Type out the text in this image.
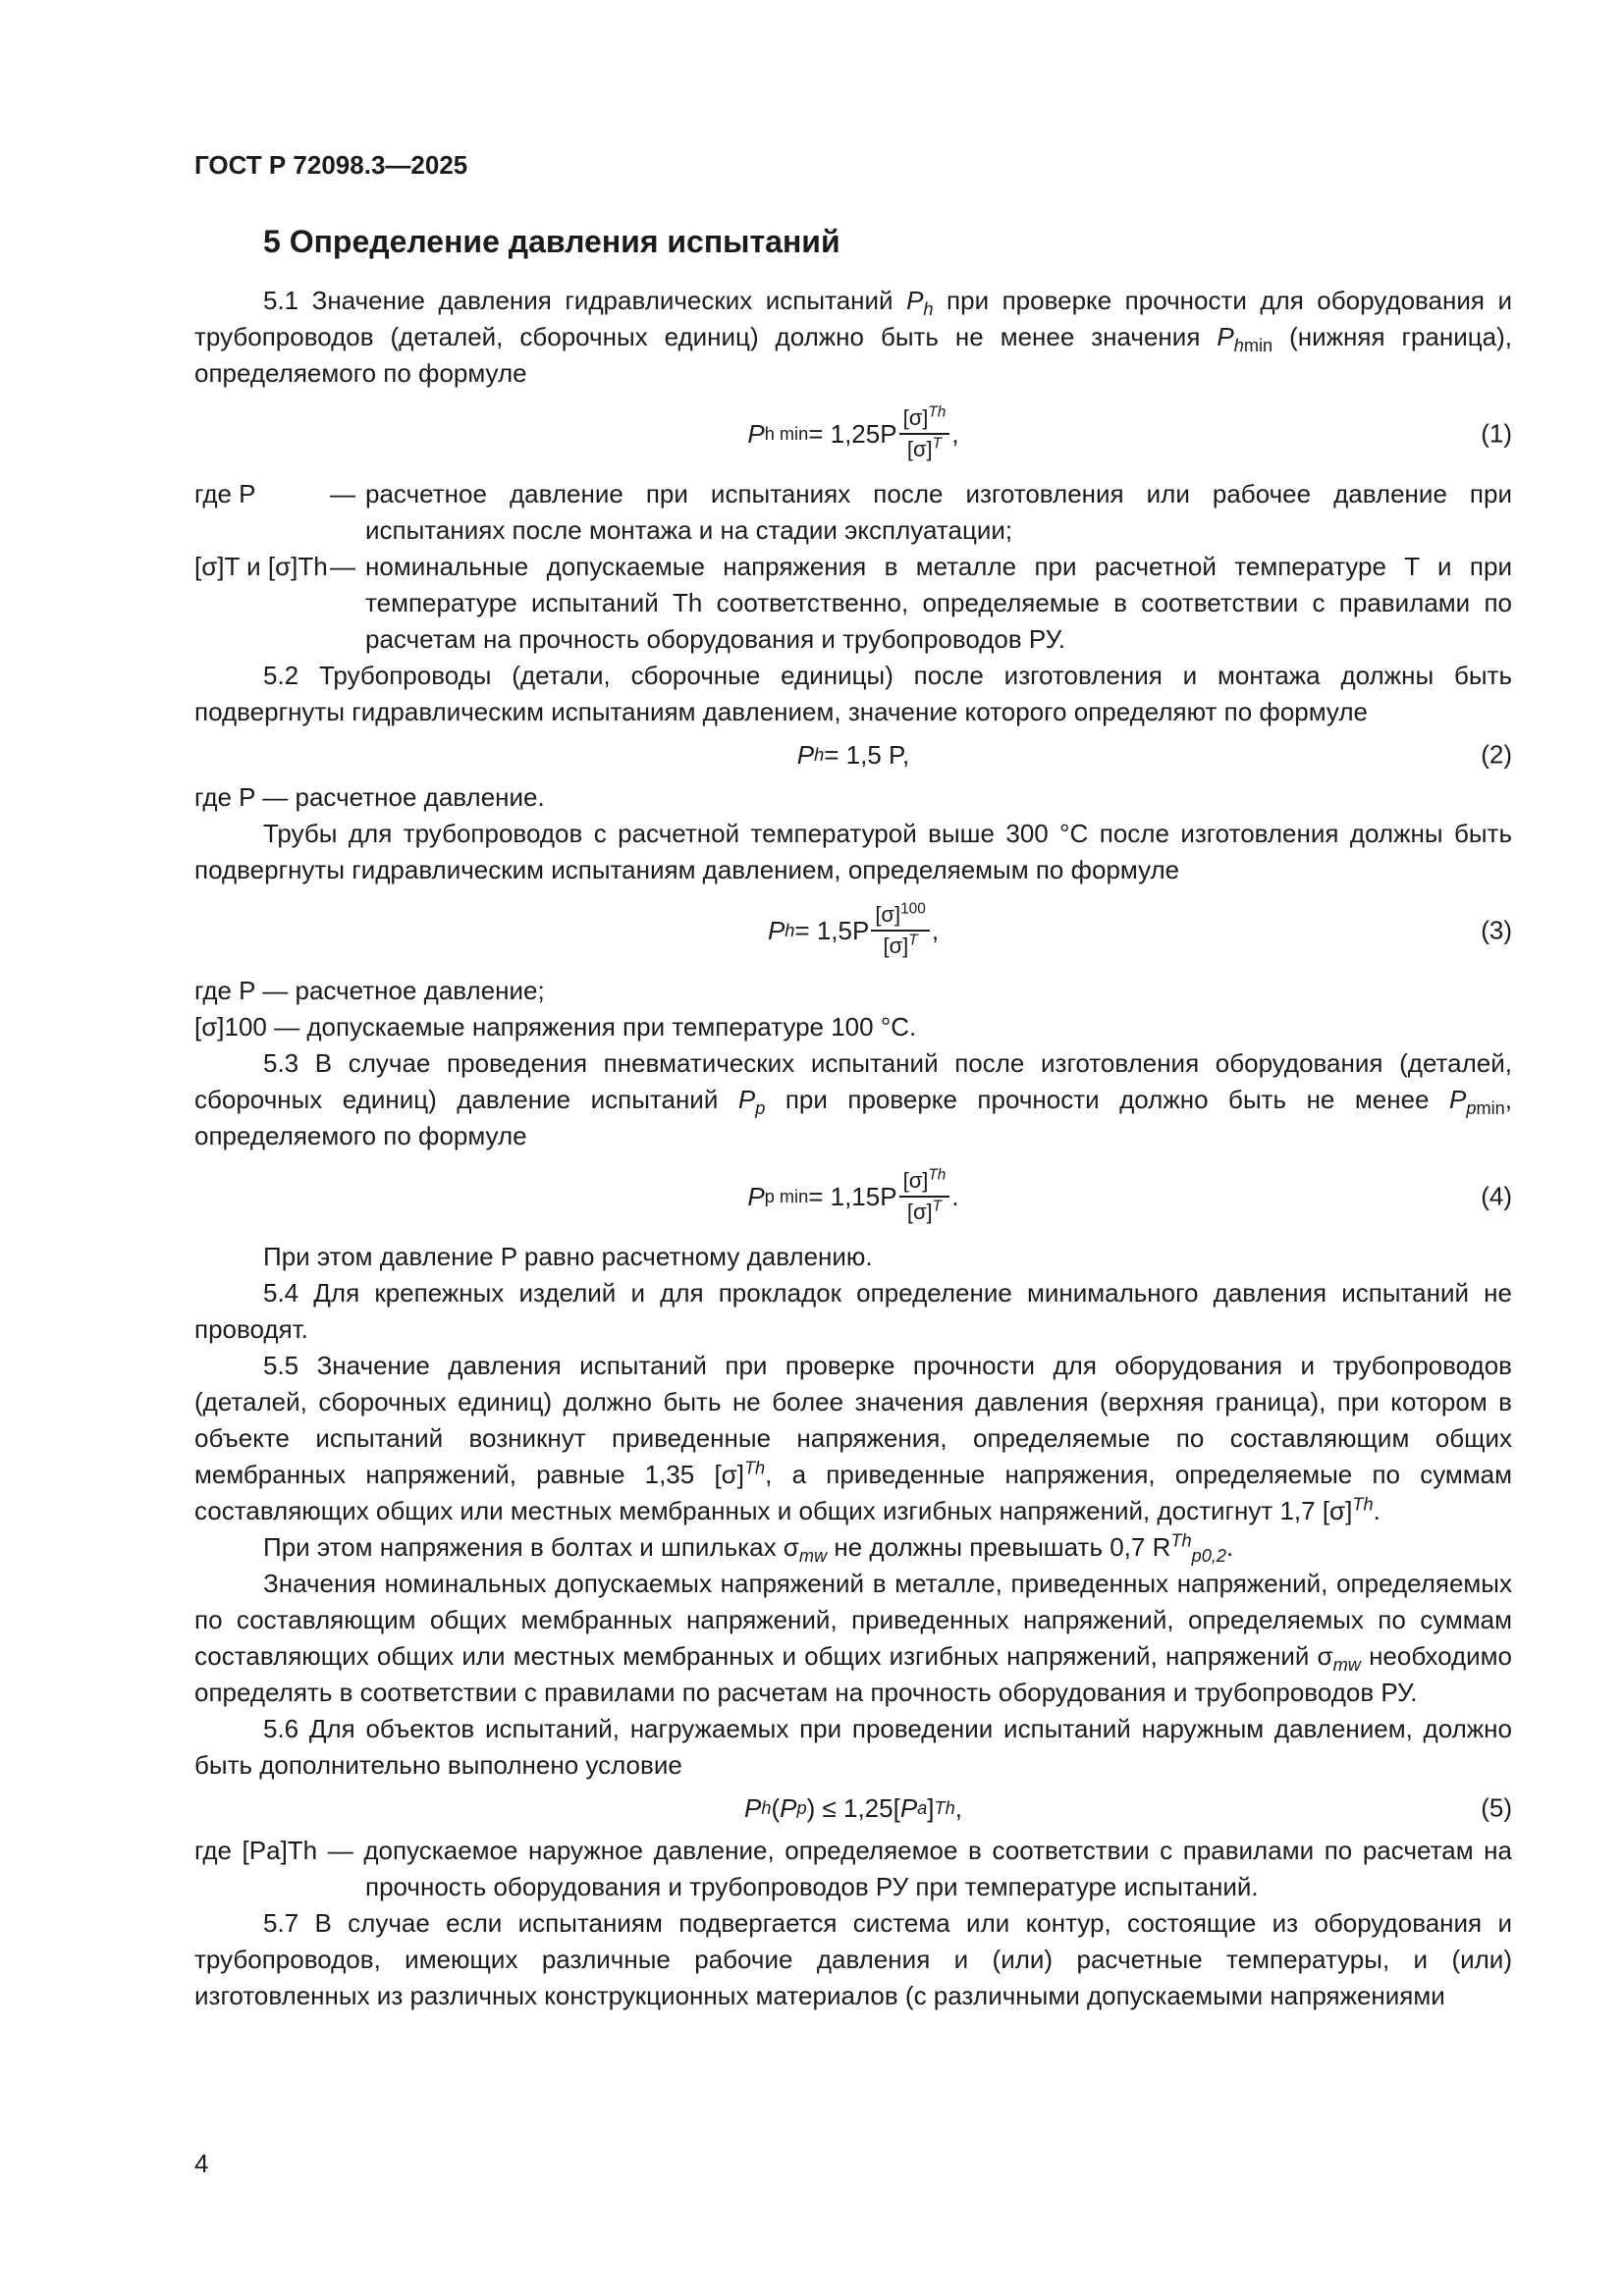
ГОСТ Р 72098.3—2025
5 Определение давления испытаний

5.1 Значение давления гидравлических испытаний $P_h$ при проверке прочности для оборудования и трубопроводов (деталей, сборочных единиц) должно быть не менее значения $P_{hmin}$ (нижняя граница), определяемого по формуле

P h $\min = 1,25P \frac{[\sigma]^{Th}}{[\sigma]^T}$ ,	(1)
где P	— расчетное давление при испытаниях после изготовления или рабочее давление при испытаниях после монтажа и на стадии эксплуатации;
[σ]T и [σ]Th — номинальные допускаемые напряжения в металле при расчетной температуре T и при температуре испытаний Th соответственно, определяемые в соответствии с правилами по расчетам на прочность оборудования и трубопроводов РУ.

5.2 Трубопроводы (детали, сборочные единицы) после изготовления и монтажа должны быть подвергнуты гидравлическим испытаниям давлением, значение которого определяют по формуле

P h = 1,5 P,	(2)

где P — расчетное давление.

Трубы для трубопроводов с расчетной температурой выше 300 °С после изготовления должны быть подвергнуты гидравлическим испытаниям давлением, определяемым по формуле

P $h = 1,5P \frac{[\sigma]^{100}}{[\sigma]^T}$ ,	(3)

где P — расчетное давление;

[σ]100 — допускаемые напряжения при температуре 100 °С.

5.3 В случае проведения пневматических испытаний после изготовления оборудования (деталей, сборочных единиц) давление испытаний $P_p$ при проверке прочности должно быть не менее $P_{pmin}$, определяемого по формуле

P p $\min = 1,15P \frac{[\sigma]^{Th}}{[\sigma]^T}$ .	(4)

При этом давление P равно расчетному давлению.

5.4 Для крепежных изделий и для прокладок определение минимального давления испытаний не проводят.

5.5 Значение давления испытаний при проверке прочности для оборудования и трубопроводов (деталей, сборочных единиц) должно быть не более значения давления (верхняя граница), при котором в объекте испытаний возникнут приведенные напряжения, определяемые по составляющим общих мембранных напряжений, равные 1,35 $[\sigma]^{Th}$, а приведенные напряжения, определяемые по суммам составляющих общих или местных мембранных и общих изгибных напряжений, достигнут 1,7 $[\sigma]^{Th}$.

При этом напряжения в болтах и шпильках $\sigma_{mw}$ не должны превышать 0,7 $R^{Th}_{p0,2}$.

Значения номинальных допускаемых напряжений в металле, приведенных напряжений, определяемых по составляющим общих мембранных напряжений, приведенных напряжений, определяемых по суммам составляющих общих или местных мембранных и общих изгибных напряжений, напряжений $\sigma_{mw}$ необходимо определять в соответствии с правилами по расчетам на прочность оборудования и трубопроводов РУ.

5.6 Для объектов испытаний, нагружаемых при проведении испытаний наружным давлением, должно быть дополнительно выполнено условие

P h ( P p ) ≤ 1,25[ P a ] Th ,	(5)

где [Pa]Th — допускаемое наружное давление, определяемое в соответствии с правилами по расчетам на прочность оборудования и трубопроводов РУ при температуре испытаний.

5.7 В случае если испытаниям подвергается система или контур, состоящие из оборудования и трубопроводов, имеющих различные рабочие давления и (или) расчетные температуры, и (или) изготовленных из различных конструкционных материалов (с различными допускаемыми напряжениями

4
